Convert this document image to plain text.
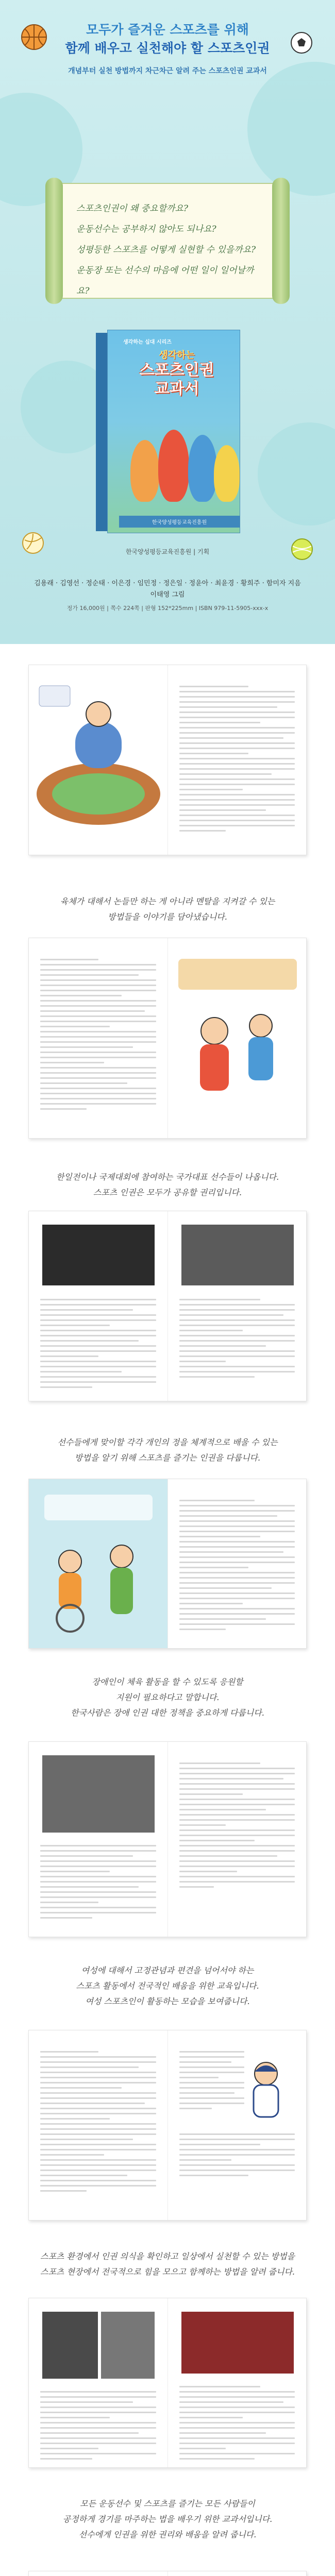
모두가 즐겨운 스포츠를 위해
함께 배우고 실천해야 할 스포츠인권
개념부터 실천 방법까지 차근차근 알려 주는 스포츠인권 교과서
스포츠인권이 왜 중요할까요?
운동선수는 공부하지 않아도 되나요?
성평등한 스포츠를 어떻게 실현할 수 있을까요?
운동장 또는 선수의 마음에 어떤 일이 일어날까요?
생각하는 십대 시리즈
생각하는
스포츠인권
교과서
한국양성평등교육진흥원
한국양성평등교육진흥원 | 기획
김용래 · 김영선 · 정순태 · 이은경 · 임민정 · 정은일 · 정윤아 · 최윤경 · 황희주 · 함미자 지음
이태영 그림
정가 16,000원 | 쪽수 224쪽 | 판형 152*225mm | ISBN 979-11-5905-xxx-x
육체가 대해서 논들만 하는 게 아니라 멘탈을 지켜갈 수 있는
방법들을 이야기를 담아냈습니다.
한일전이나 국제대회에 참여하는 국가대표 선수들이 나옵니다.
스포츠 인권은 모두가 공유할 권리입니다.
선수들에게 맞이할 각각 개인의 정을 체계적으로 배울 수 있는
방법을 알기 위해 스포츠를 즐기는 인권을 다룹니다.
장애인이 체육 활동을 할 수 있도록 응원할
지원이 필요하다고 말합니다.
한국사람은 장애 인권 대한 정책을 중요하게 다룹니다.
여성에 대해서 고정관념과 편견을 넘어서야 하는
스포츠 활동에서 전국적인 배움을 위한 교육입니다.
여성 스포츠인이 활동하는 모습을 보여줍니다.
스포츠 환경에서 인권 의식을 확인하고 일상에서 실천할 수 있는 방법을
스포츠 현장에서 전국적으로 힘을 모으고 함께하는 방법을 알려 줍니다.
모든 운동선수 및 스포츠를 즐기는 모든 사람들이
공정하게 경기를 마주하는 법을 배우기 위한 교과서입니다.
선수에게 인권을 위한 권리와 배움을 알려 줍니다.
